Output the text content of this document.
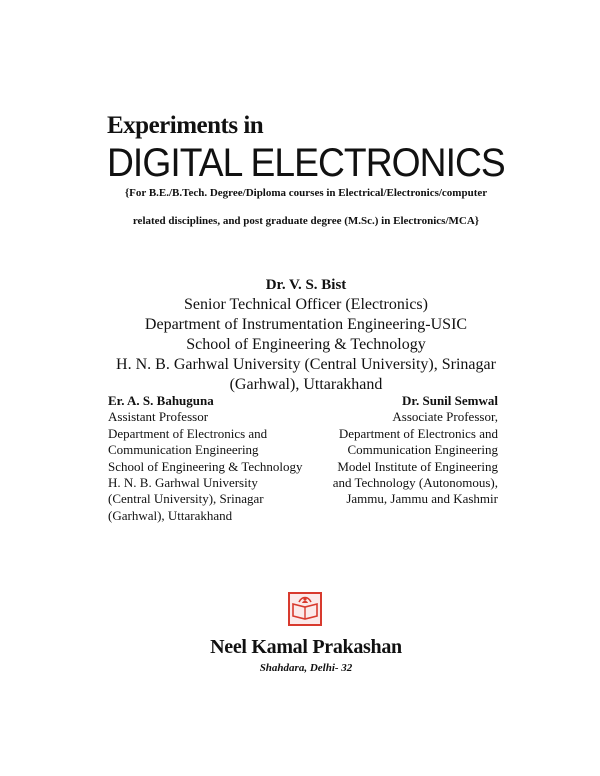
Experiments in
DIGITAL ELECTRONICS
{For B.E./B.Tech. Degree/Diploma courses in Electrical/Electronics/computer
related disciplines, and post graduate degree (M.Sc.) in Electronics/MCA}
Dr. V. S. Bist
Senior Technical Officer (Electronics)
Department of Instrumentation Engineering-USIC
School of Engineering & Technology
H. N. B. Garhwal University (Central University), Srinagar
(Garhwal), Uttarakhand
Er. A. S. Bahuguna
Assistant Professor
Department of Electronics and
Communication Engineering
School of Engineering & Technology
H. N. B. Garhwal University
(Central University), Srinagar
(Garhwal), Uttarakhand
Dr. Sunil Semwal
Associate Professor,
Department of Electronics and
Communication Engineering
Model Institute of Engineering
and Technology (Autonomous),
Jammu, Jammu and Kashmir
Neel Kamal Prakashan
Shahdara, Delhi- 32
